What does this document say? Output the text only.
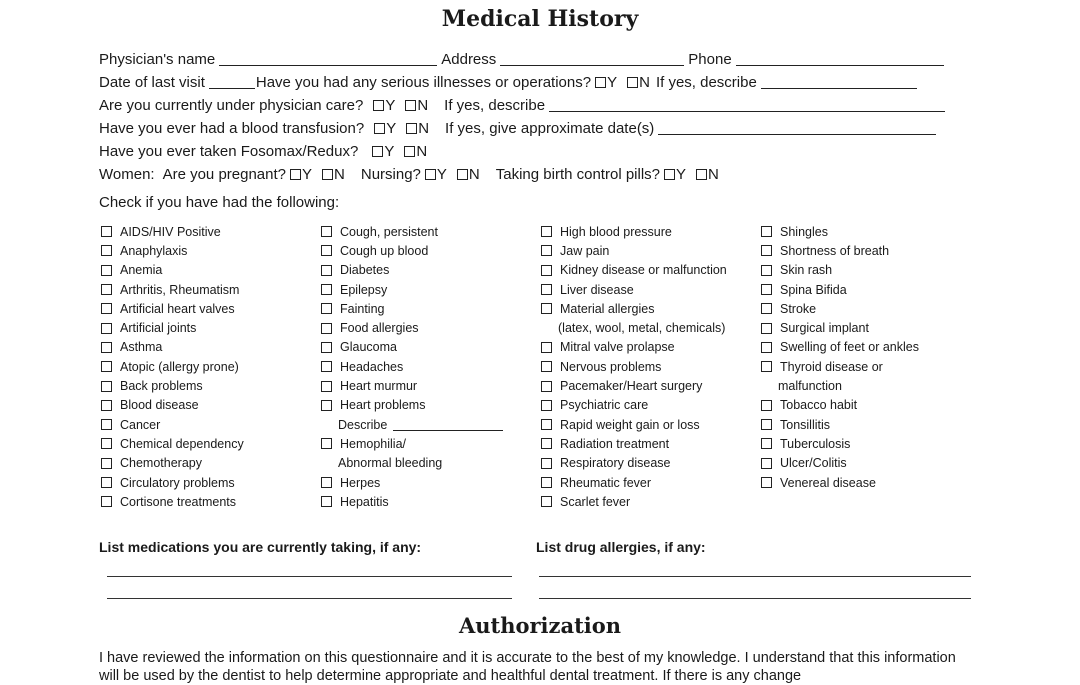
Medical History
Physician's name	Address	Phone
Date of last visit	Have you had any serious illnesses or operations? Y N If yes, describe
Are you currently under physician care? Y N If yes, describe
Have you ever had a blood transfusion? Y N If yes, give approximate date(s)
Have you ever taken Fosomax/Redux? Y N
Women: Are you pregnant? Y N Nursing? Y N Taking birth control pills? Y N
Check if you have had the following:
AIDS/HIV Positive
Anaphylaxis
Anemia
Arthritis, Rheumatism
Artificial heart valves
Artificial joints
Asthma
Atopic (allergy prone)
Back problems
Blood disease
Cancer
Chemical dependency
Chemotherapy
Circulatory problems
Cortisone treatments
Cough, persistent
Cough up blood
Diabetes
Epilepsy
Fainting
Food allergies
Glaucoma
Headaches
Heart murmur
Heart problems
Describe
Hemophilia/
Abnormal bleeding
Herpes
Hepatitis
High blood pressure
Jaw pain
Kidney disease or malfunction
Liver disease
Material allergies
(latex, wool, metal, chemicals)
Mitral valve prolapse
Nervous problems
Pacemaker/Heart surgery
Psychiatric care
Rapid weight gain or loss
Radiation treatment
Respiratory disease
Rheumatic fever
Scarlet fever
Shingles
Shortness of breath
Skin rash
Spina Bifida
Stroke
Surgical implant
Swelling of feet or ankles
Thyroid disease or
malfunction
Tobacco habit
Tonsillitis
Tuberculosis
Ulcer/Colitis
Venereal disease
List medications you are currently taking, if any:	List drug allergies, if any:
Authorization
I have reviewed the information on this questionnaire and it is accurate to the best of my knowledge. I understand that this information will be used by the dentist to help determine appropriate and healthful dental treatment. If there is any change
